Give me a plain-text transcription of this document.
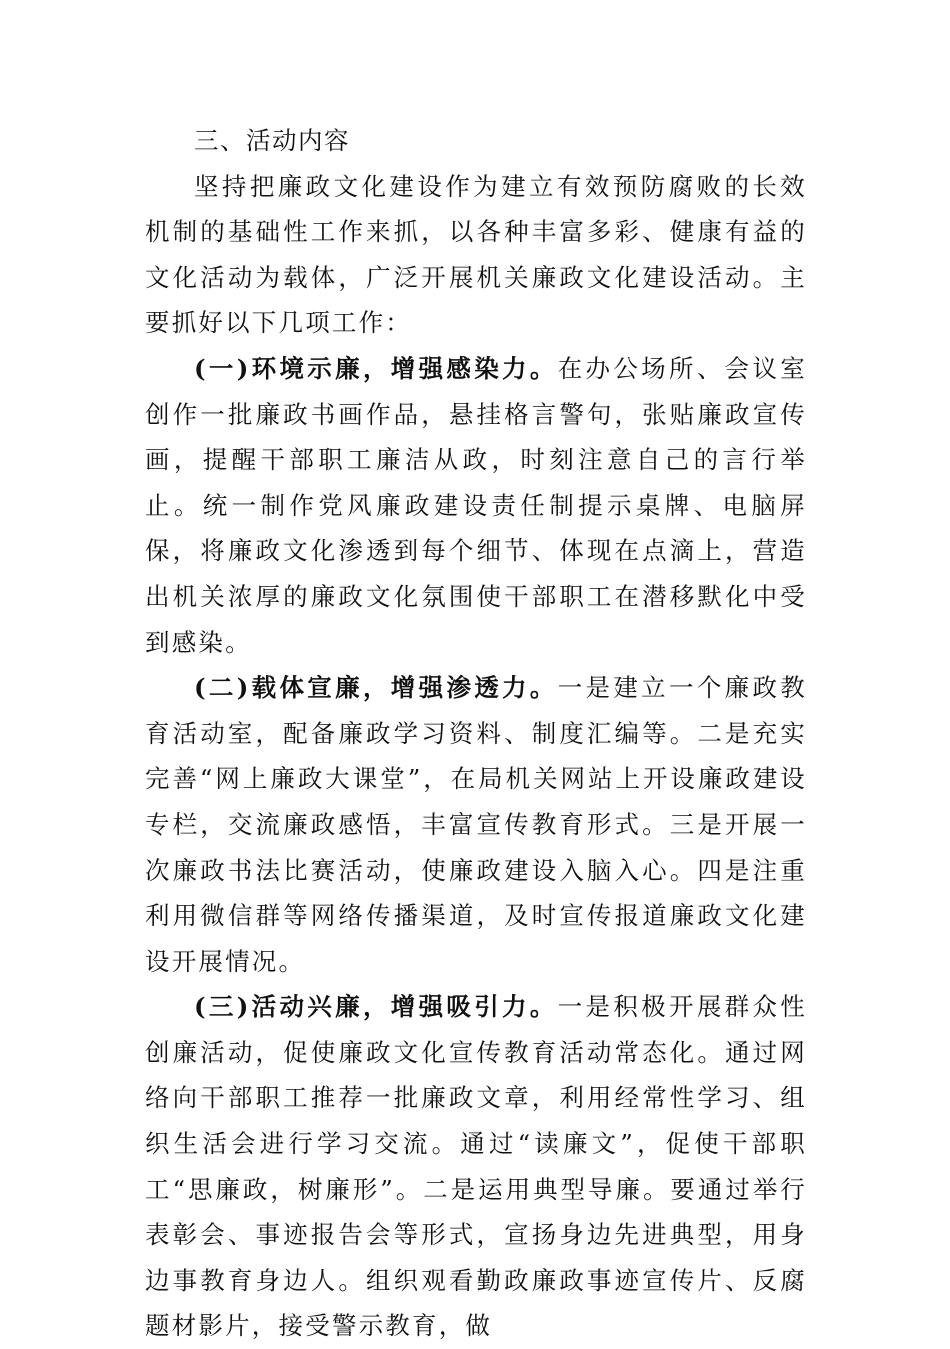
三、活动内容

坚持把廉政文化建设作为建立有效预防腐败的长效机制的基础性工作来抓，以各种丰富多彩、健康有益的文化活动为载体，广泛开展机关廉政文化建设活动。主要抓好以下几项工作：

(一)环境示廉，增强感染力。在办公场所、会议室创作一批廉政书画作品，悬挂格言警句，张贴廉政宣传画，提醒干部职工廉洁从政，时刻注意自己的言行举止。统一制作党风廉政建设责任制提示桌牌、电脑屏保，将廉政文化渗透到每个细节、体现在点滴上，营造出机关浓厚的廉政文化氛围使干部职工在潜移默化中受到感染。

(二)载体宣廉，增强渗透力。一是建立一个廉政教育活动室，配备廉政学习资料、制度汇编等。二是充实完善“网上廉政大课堂”，在局机关网站上开设廉政建设专栏，交流廉政感悟，丰富宣传教育形式。三是开展一次廉政书法比赛活动，使廉政建设入脑入心。四是注重利用微信群等网络传播渠道，及时宣传报道廉政文化建设开展情况。

(三)活动兴廉，增强吸引力。一是积极开展群众性创廉活动，促使廉政文化宣传教育活动常态化。通过网络向干部职工推荐一批廉政文章，利用经常性学习、组织生活会进行学习交流。通过“读廉文”，促使干部职工“思廉政，树廉形”。二是运用典型导廉。要通过举行表彰会、事迹报告会等形式，宣扬身边先进典型，用身边事教育身边人。组织观看勤政廉政事迹宣传片、反腐题材影片，接受警示教育，做
